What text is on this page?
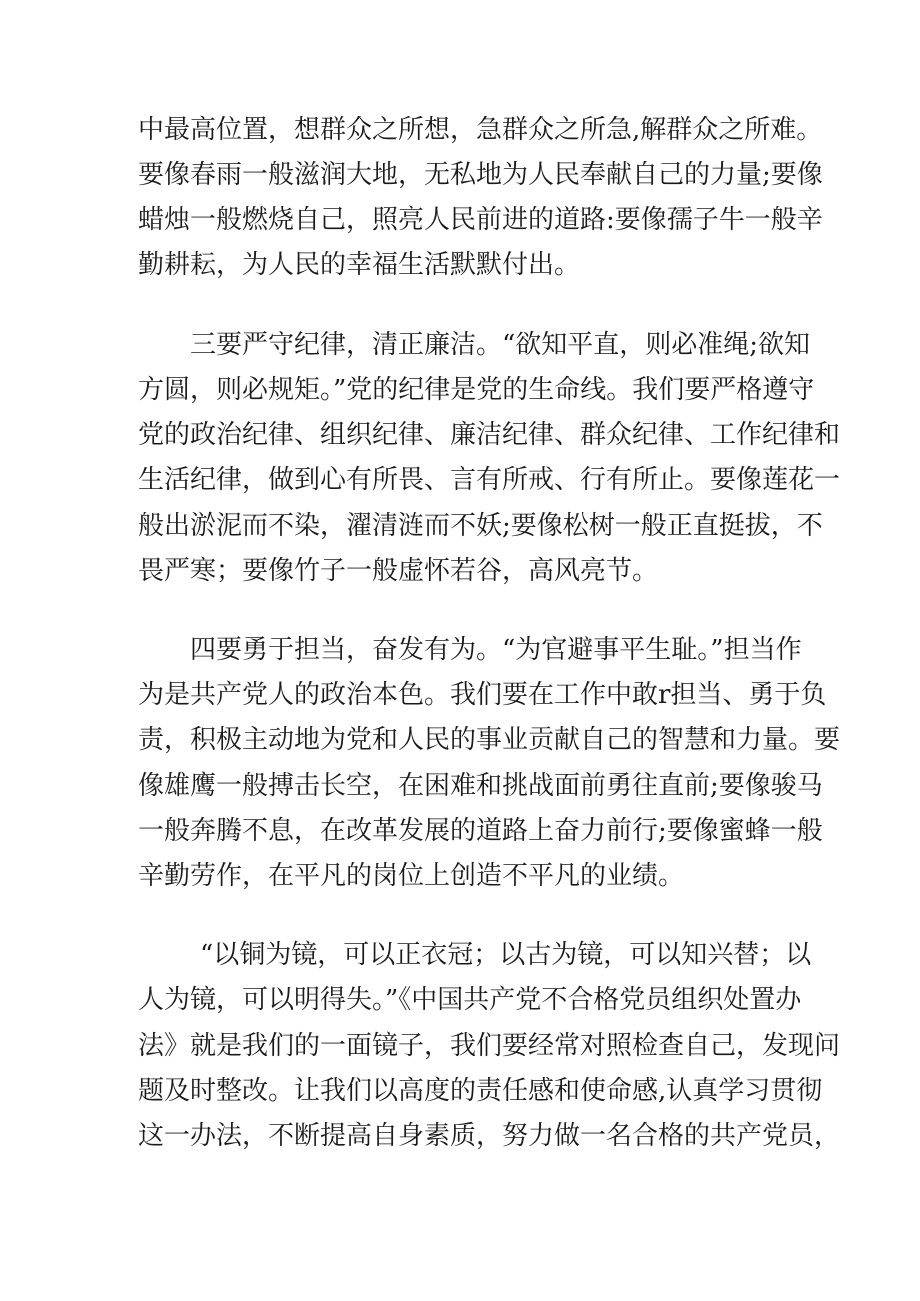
中最高位置，想群众之所想，急群众之所急,解群众之所难。
要像春雨一般滋润大地，无私地为人民奉献自己的力量;要像
蜡烛一般燃烧自己，照亮人民前进的道路:要像孺子牛一般辛
勤耕耘，为人民的幸福生活默默付出。
三要严守纪律，清正廉洁。“欲知平直，则必准绳;欲知
方圆，则必规矩。”党的纪律是党的生命线。我们要严格遵守
党的政治纪律、组织纪律、廉洁纪律、群众纪律、工作纪律和
生活纪律，做到心有所畏、言有所戒、行有所止。要像莲花一
般出淤泥而不染，濯清涟而不妖;要像松树一般正直挺拔，不
畏严寒；要像竹子一般虚怀若谷，高风亮节。
四要勇于担当，奋发有为。“为官避事平生耻。”担当作
为是共产党人的政治本色。我们要在工作中敢r担当、勇于负
责，积极主动地为党和人民的事业贡献自己的智慧和力量。要
像雄鹰一般搏击长空，在困难和挑战面前勇往直前;要像骏马
一般奔腾不息，在改革发展的道路上奋力前行;要像蜜蜂一般
辛勤劳作，在平凡的岗位上创造不平凡的业绩。
“以铜为镜，可以正衣冠；以古为镜，可以知兴替；以
人为镜，可以明得失。”《中国共产党不合格党员组织处置办
法》就是我们的一面镜子，我们要经常对照检查自己，发现问
题及时整改。让我们以高度的责任感和使命感,认真学习贯彻
这一办法，不断提高自身素质，努力做一名合格的共产党员，
